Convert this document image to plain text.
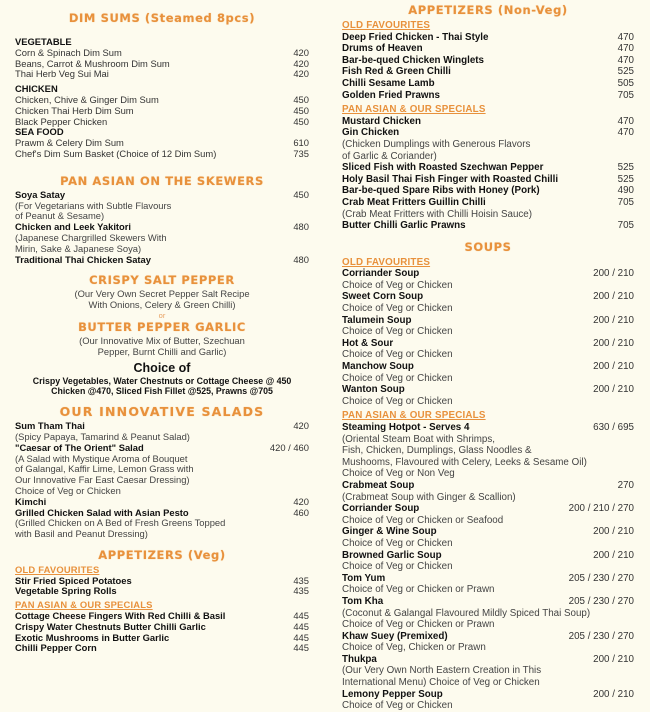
DIM SUMS (Steamed 8pcs)
VEGETABLE
Corn & Spinach Dim Sum	420
Beans, Carrot & Mushroom Dim Sum	420
Thai Herb Veg Sui Mai	420
CHICKEN
Chicken, Chive & Ginger Dim Sum	450
Chicken Thai Herb Dim Sum	450
Black Pepper Chicken	450
SEA FOOD
Prawm & Celery Dim Sum	610
Chef's Dim Sum Basket (Choice of 12 Dim Sum)	735
PAN ASIAN ON THE SKEWERS
Soya Satay	450
(For Vegetarians with Subtle Flavours
of Peanut & Sesame)
Chicken and Leek Yakitori	480
(Japanese Chargrilled Skewers With
Mirin, Sake & Japanese Soya)
Traditional Thai Chicken Satay	480
CRISPY SALT PEPPER
(Our Very Own Secret Pepper Salt Recipe
With Onions, Celery & Green Chilli)
or
BUTTER PEPPER GARLIC
(Our Innovative Mix of Butter, Szechuan
Pepper, Burnt Chilli and Garlic)
Choice of
Crispy Vegetables, Water Chestnuts or Cottage Cheese @ 450
Chicken @470, Sliced Fish Fillet @525, Prawns @705
OUR INNOVATIVE SALADS
Sum Tham Thai	420
(Spicy Papaya, Tamarind & Peanut Salad)
"Caesar of The Orient" Salad	420 / 460
(A Salad with Mystique Aroma of Bouquet
of Galangal, Kaffir Lime, Lemon Grass with
Our Innovative Far East Caesar Dressing)
Choice of Veg or Chicken
Kimchi	420
Grilled Chicken Salad with Asian Pesto	460
(Grilled Chicken on A Bed of Fresh Greens Topped
with Basil and Peanut Dressing)
APPETIZERS (Veg)
OLD FAVOURITES
Stir Fried Spiced Potatoes	435
Vegetable Spring Rolls	435
PAN ASIAN & OUR SPECIALS
Cottage Cheese Fingers With Red Chilli & Basil	445
Crispy Water Chestnuts Butter Chilli Garlic	445
Exotic Mushrooms in Butter Garlic	445
Chilli Pepper Corn	445
APPETIZERS (Non-Veg)
OLD FAVOURITES
Deep Fried Chicken - Thai Style	470
Drums of Heaven	470
Bar-be-qued Chicken Winglets	470
Fish Red & Green Chilli	525
Chilli Sesame Lamb	505
Golden Fried Prawns	705
PAN ASIAN & OUR SPECIALS
Mustard Chicken	470
Gin Chicken	470
(Chicken Dumplings with Generous Flavors
of Garlic & Coriander)
Sliced Fish with Roasted Szechwan Pepper	525
Holy Basil Thai Fish Finger with Roasted Chilli	525
Bar-be-qued Spare Ribs with Honey (Pork)	490
Crab Meat Fritters Guillin Chilli	705
(Crab Meat Fritters with Chilli Hoisin Sauce)
Butter Chilli Garlic Prawns	705
SOUPS
OLD FAVOURITES
Corriander Soup	200 / 210
Choice of Veg or Chicken
Sweet Corn Soup	200 / 210
Choice of Veg or Chicken
Talumein Soup	200 / 210
Choice of Veg or Chicken
Hot & Sour	200 / 210
Choice of Veg or Chicken
Manchow Soup	200 / 210
Choice of Veg or Chicken
Wanton Soup	200 / 210
Choice of Veg or Chicken
PAN ASIAN & OUR SPECIALS
Steaming Hotpot - Serves 4	630 / 695
(Oriental Steam Boat with Shrimps,
Fish, Chicken, Dumplings, Glass Noodles &
Mushooms, Flavoured with Celery, Leeks & Sesame Oil)
Choice of Veg or Non Veg
Crabmeat Soup	270
(Crabmeat Soup with Ginger & Scallion)
Corriander Soup	200 / 210 / 270
Choice of Veg or Chicken or Seafood
Ginger & Wine Soup	200 / 210
Choice of Veg or Chicken
Browned Garlic Soup	200 / 210
Choice of Veg or Chicken
Tom Yum	205 / 230 / 270
Choice of Veg or Chicken or Prawn
Tom Kha	205 / 230 / 270
(Coconut & Galangal Flavoured Mildly Spiced Thai Soup)
Choice of Veg or Chicken or Prawn
Khaw Suey (Premixed)	205 / 230 / 270
Choice of Veg, Chicken or Prawn
Thukpa	200 / 210
(Our Very Own North Eastern Creation in This
International Menu) Choice of Veg or Chicken
Lemony Pepper Soup	200 / 210
Choice of Veg or Chicken
